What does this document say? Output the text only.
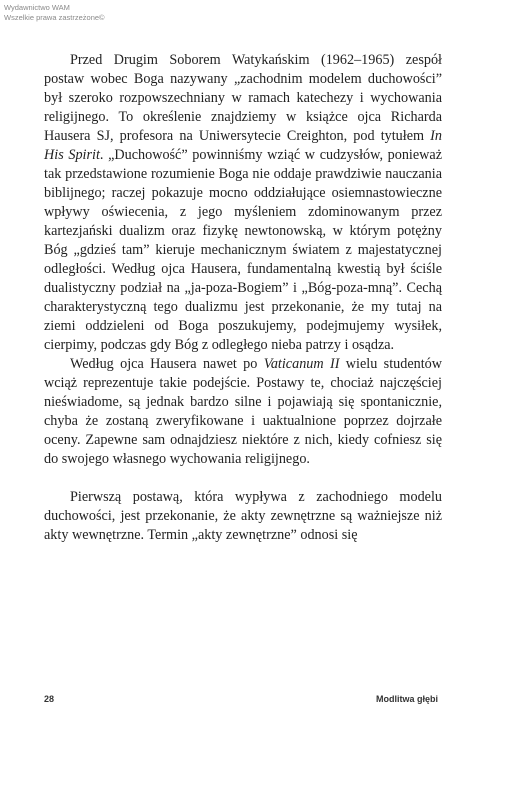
Wydawnictwo WAM
Wszelkie prawa zastrzeżone©

Przed Drugim Soborem Watykańskim (1962–1965) zespół postaw wobec Boga nazywany „zachodnim modelem duchowości” był szeroko rozpowszechniany w ramach katechezy i wychowania religijnego. To określenie znajdziemy w książce ojca Richarda Hausera SJ, profesora na Uniwersytecie Creighton, pod tytułem In His Spirit. „Duchowość” powinniśmy wziąć w cudzysłów, ponieważ tak przedstawione rozumienie Boga nie oddaje prawdziwie nauczania biblijnego; raczej pokazuje mocno oddziałujące osiemnastowieczne wpływy oświecenia, z jego myśleniem zdominowanym przez kartezjański dualizm oraz fizykę newtonowską, w którym potężny Bóg „gdzieś tam” kieruje mechanicznym światem z majestatycznej odległości. Według ojca Hausera, fundamentalną kwestią był ściśle dualistyczny podział na „ja-poza-Bogiem” i „Bóg-poza-mną”. Cechą charakterystyczną tego dualizmu jest przekonanie, że my tutaj na ziemi oddzieleni od Boga poszukujemy, podejmujemy wysiłek, cierpimy, podczas gdy Bóg z odległego nieba patrzy i osądza.

Według ojca Hausera nawet po Vaticanum II wielu studentów wciąż reprezentuje takie podejście. Postawy te, chociaż najczęściej nieświadome, są jednak bardzo silne i pojawiają się spontanicznie, chyba że zostaną zweryfikowane i uaktualnione poprzez dojrzałe oceny. Zapewne sam odnajdziesz niektóre z nich, kiedy cofniesz się do swojego własnego wychowania religijnego.

Pierwszą postawą, która wypływa z zachodniego modelu duchowości, jest przekonanie, że akty zewnętrzne są ważniejsze niż akty wewnętrzne. Termin „akty zewnętrzne” odnosi się

28	Modlitwa głębi
